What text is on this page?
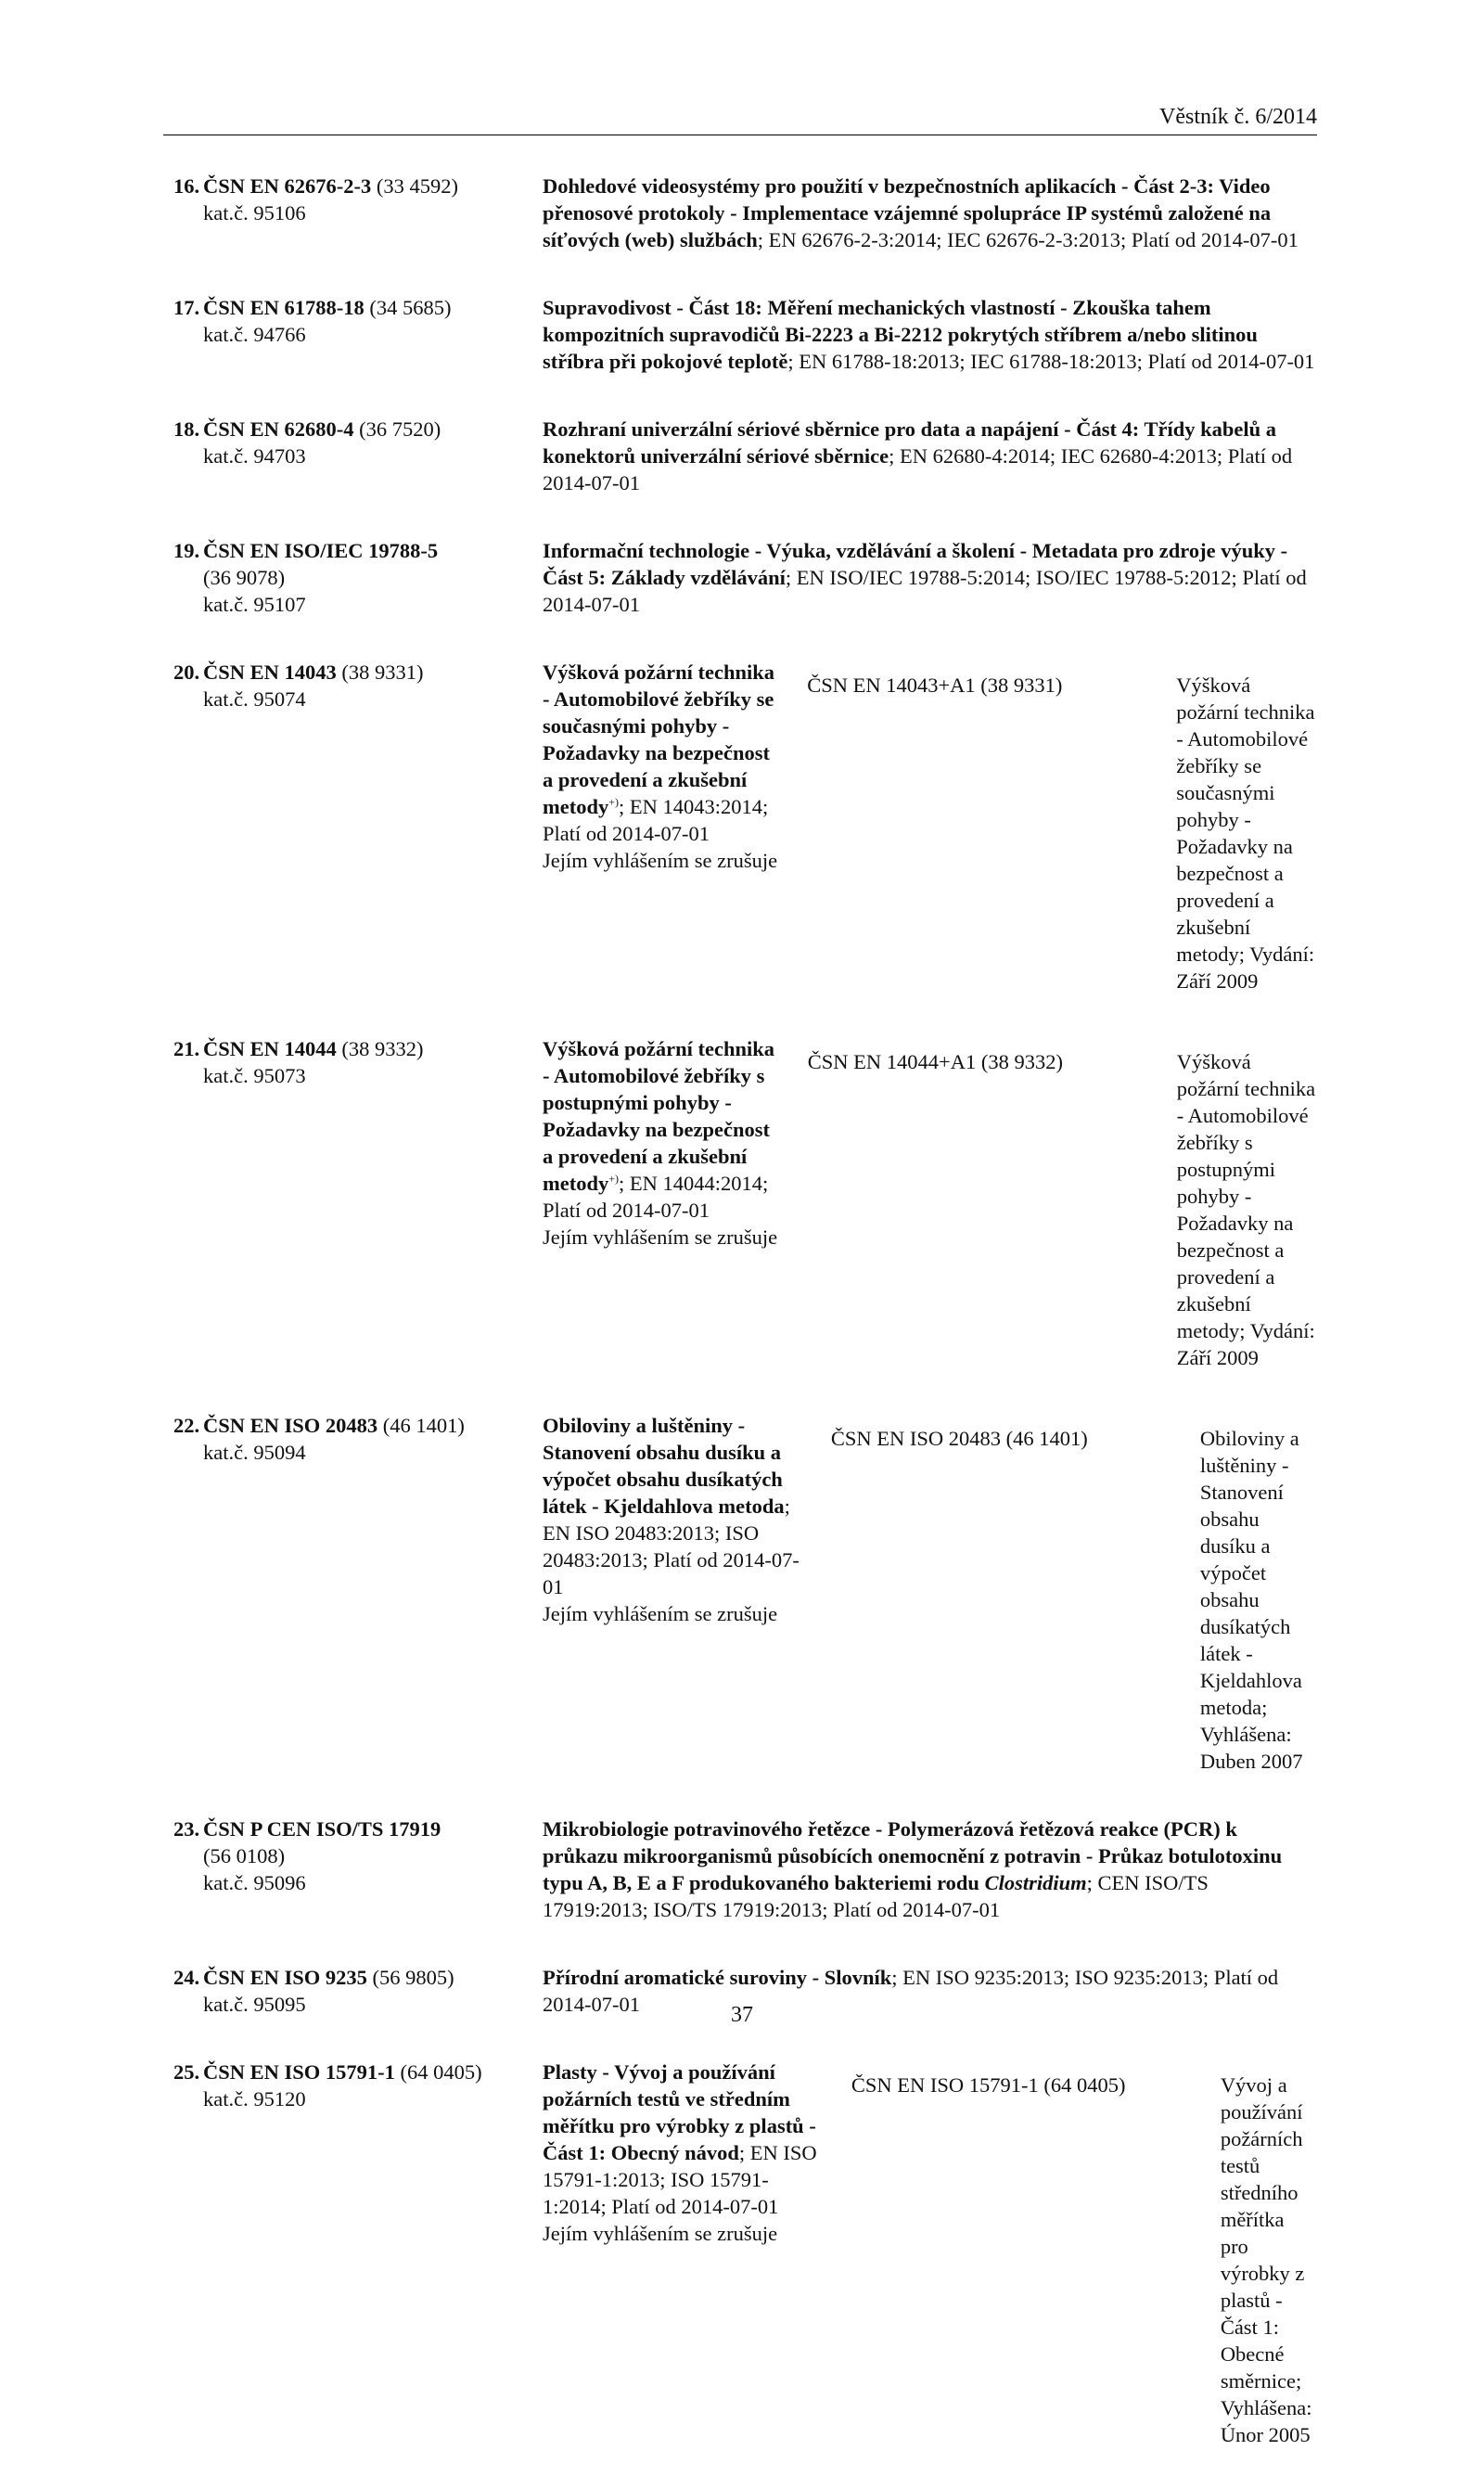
Věstník č. 6/2014
16. ČSN EN 62676-2-3 (33 4592)
kat.č. 95106
Dohledové videosystémy pro použití v bezpečnostních aplikacích - Část 2-3: Video přenosové protokoly - Implementace vzájemné spolupráce IP systémů založené na síťových (web) službách; EN 62676-2-3:2014; IEC 62676-2-3:2013; Platí od 2014-07-01
17. ČSN EN 61788-18 (34 5685)
kat.č. 94766
Supravodivost - Část 18: Měření mechanických vlastností - Zkouška tahem kompozitních supravodičů Bi-2223 a Bi-2212 pokrytých stříbrem a/nebo slitinou stříbra při pokojové teplotě; EN 61788-18:2013; IEC 61788-18:2013; Platí od 2014-07-01
18. ČSN EN 62680-4 (36 7520)
kat.č. 94703
Rozhraní univerzální sériové sběrnice pro data a napájení - Část 4: Třídy kabelů a konektorů univerzální sériové sběrnice; EN 62680-4:2014; IEC 62680-4:2013; Platí od 2014-07-01
19. ČSN EN ISO/IEC 19788-5
(36 9078)
kat.č. 95107
Informační technologie - Výuka, vzdělávání a školení - Metadata pro zdroje výuky - Část 5: Základy vzdělávání; EN ISO/IEC 19788-5:2014; ISO/IEC 19788-5:2012; Platí od 2014-07-01
20. ČSN EN 14043 (38 9331)
kat.č. 95074
Výšková požární technika - Automobilové žebříky se současnými pohyby - Požadavky na bezpečnost a provedení a zkušební metody+); EN 14043:2014; Platí od 2014-07-01
Jejím vyhlášením se zrušuje
ČSN EN 14043+A1 (38 9331)	Výšková požární technika - Automobilové žebříky se současnými pohyby - Požadavky na bezpečnost a provedení a zkušební metody; Vydání: Září 2009
21. ČSN EN 14044 (38 9332)
kat.č. 95073
Výšková požární technika - Automobilové žebříky s postupnými pohyby - Požadavky na bezpečnost a provedení a zkušební metody+); EN 14044:2014; Platí od 2014-07-01
Jejím vyhlášením se zrušuje
ČSN EN 14044+A1 (38 9332)	Výšková požární technika - Automobilové žebříky s postupnými pohyby - Požadavky na bezpečnost a provedení a zkušební metody; Vydání: Září 2009
22. ČSN EN ISO 20483 (46 1401)
kat.č. 95094
Obiloviny a luštěniny - Stanovení obsahu dusíku a výpočet obsahu dusíkatých látek - Kjeldahlova metoda; EN ISO 20483:2013; ISO 20483:2013; Platí od 2014-07-01
Jejím vyhlášením se zrušuje
ČSN EN ISO 20483 (46 1401)	Obiloviny a luštěniny - Stanovení obsahu dusíku a výpočet obsahu dusíkatých látek - Kjeldahlova metoda; Vyhlášena: Duben 2007
23. ČSN P CEN ISO/TS 17919
(56 0108)
kat.č. 95096
Mikrobiologie potravinového řetězce - Polymerázová řetězová reakce (PCR) k průkazu mikroorganismů působících onemocnění z potravin - Průkaz botulotoxinu typu A, B, E a F produkovaného bakteriemi rodu Clostridium; CEN ISO/TS 17919:2013; ISO/TS 17919:2013; Platí od 2014-07-01
24. ČSN EN ISO 9235 (56 9805)
kat.č. 95095
Přírodní aromatické suroviny - Slovník; EN ISO 9235:2013; ISO 9235:2013; Platí od 2014-07-01
25. ČSN EN ISO 15791-1 (64 0405)
kat.č. 95120
Plasty - Vývoj a používání požárních testů ve středním měřítku pro výrobky z plastů - Část 1: Obecný návod; EN ISO 15791-1:2013; ISO 15791-1:2014; Platí od 2014-07-01
Jejím vyhlášením se zrušuje
ČSN EN ISO 15791-1 (64 0405)	Vývoj a používání požárních testů středního měřítka pro výrobky z plastů - Část 1: Obecné směrnice; Vyhlášena: Únor 2005
37
